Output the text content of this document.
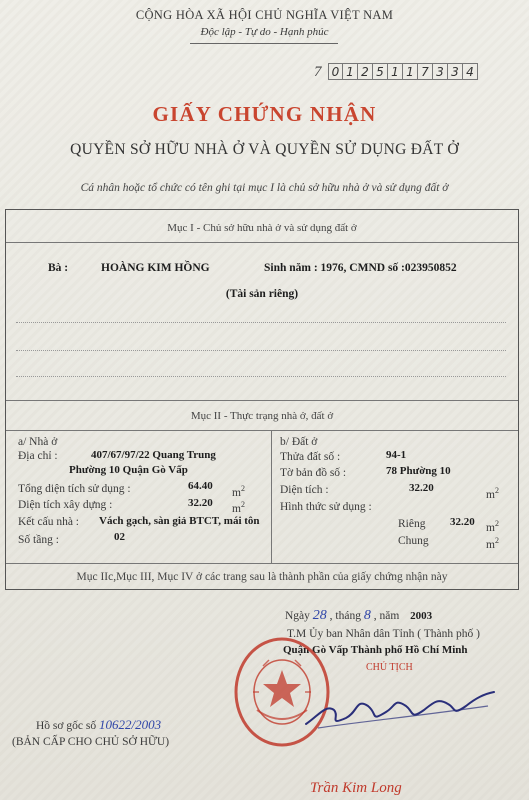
CỘNG HÒA XÃ HỘI CHỦ NGHĨA VIỆT NAM
Độc lập - Tự do - Hạnh phúc
7 0 1 2 5 1 1 7 3 3 4
GIẤY CHỨNG NHẬN
QUYỀN SỞ HỮU NHÀ Ở VÀ QUYỀN SỬ DỤNG ĐẤT Ở
Cá nhân hoặc tổ chức có tên ghi tại mục I là chủ sở hữu nhà ở và sử dụng đất ở
Mục I - Chủ sở hữu nhà ở và sử dụng đất ở
Bà :	HOÀNG KIM HỒNG	Sinh năm : 1976, CMND số :023950852
(Tài sản riêng)
Mục II - Thực trạng nhà ở, đất ở
a/ Nhà ở
Địa chỉ :	407/67/97/22 Quang Trung
Phường 10 Quận Gò Vấp
Tổng diện tích sử dụng :	64.40
$m^2$
Diện tích xây dựng :	32.20 $m^2$
Kết cấu nhà : Vách gạch, sàn giả BTCT, mái tôn
Số tầng :	02
b/ Đất ở
Thửa đất số :	94-1
Tờ bản đồ số :	78 Phường 10
Diện tích :	32.20
$m^2$
Hình thức sử dụng :
Riêng 32.20 $m^2$
Chung	$m^2$
Mục IIc,Mục III, Mục IV ở các trang sau là thành phần của giấy chứng nhận này
Ngày 28 , tháng 8 , năm 2003
T.M Ủy ban Nhân dân Tỉnh ( Thành phố )
Quận Gò Vấp Thành phố Hồ Chí Minh
CHỦ TỊCH
Hồ sơ gốc số 10622/2003
(BẢN CẤP CHO CHỦ SỞ HỮU)
Trần Kim Long
